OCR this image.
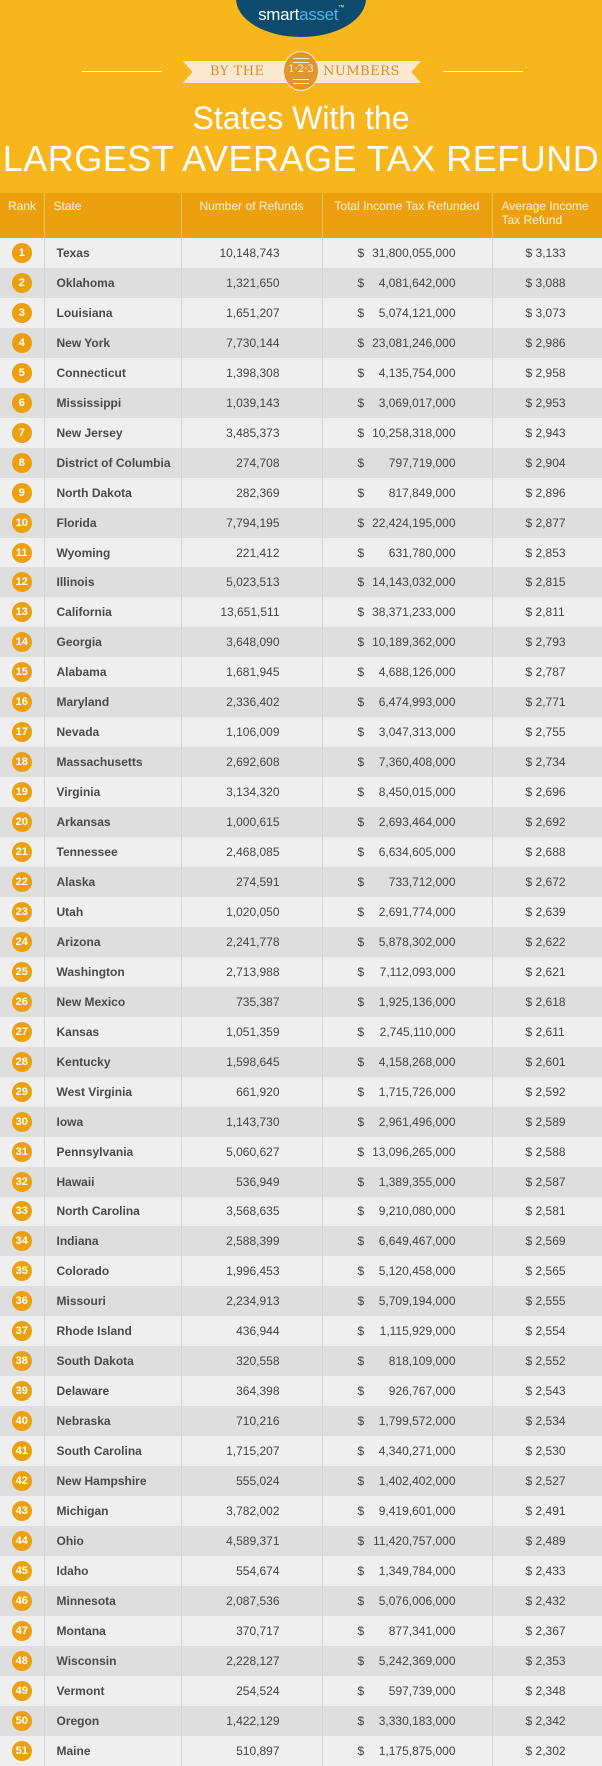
smartasset™
BY THE	NUMBERS
1·2·3
States With the
LARGEST AVERAGE TAX REFUND
Rank	State	Number of Refunds	Total Income Tax Refunded	Average Income Tax Refund
1	Texas	10,148,743	$ 31,800,055,000	$ 3,133
2	Oklahoma	1,321,650	$ 4,081,642,000	$ 3,088
3	Louisiana	1,651,207	$ 5,074,121,000	$ 3,073
4	New York	7,730,144	$ 23,081,246,000	$ 2,986
5	Connecticut	1,398,308	$ 4,135,754,000	$ 2,958
6	Mississippi	1,039,143	$ 3,069,017,000	$ 2,953
7	New Jersey	3,485,373	$ 10,258,318,000	$ 2,943
8	District of Columbia	274,708	$ 797,719,000	$ 2,904
9	North Dakota	282,369	$ 817,849,000	$ 2,896
10	Florida	7,794,195	$ 22,424,195,000	$ 2,877
11	Wyoming	221,412	$ 631,780,000	$ 2,853
12	Illinois	5,023,513	$ 14,143,032,000	$ 2,815
13	California	13,651,511	$ 38,371,233,000	$ 2,811
14	Georgia	3,648,090	$ 10,189,362,000	$ 2,793
15	Alabama	1,681,945	$ 4,688,126,000	$ 2,787
16	Maryland	2,336,402	$ 6,474,993,000	$ 2,771
17	Nevada	1,106,009	$ 3,047,313,000	$ 2,755
18	Massachusetts	2,692,608	$ 7,360,408,000	$ 2,734
19	Virginia	3,134,320	$ 8,450,015,000	$ 2,696
20	Arkansas	1,000,615	$ 2,693,464,000	$ 2,692
21	Tennessee	2,468,085	$ 6,634,605,000	$ 2,688
22	Alaska	274,591	$ 733,712,000	$ 2,672
23	Utah	1,020,050	$ 2,691,774,000	$ 2,639
24	Arizona	2,241,778	$ 5,878,302,000	$ 2,622
25	Washington	2,713,988	$ 7,112,093,000	$ 2,621
26	New Mexico	735,387	$ 1,925,136,000	$ 2,618
27	Kansas	1,051,359	$ 2,745,110,000	$ 2,611
28	Kentucky	1,598,645	$ 4,158,268,000	$ 2,601
29	West Virginia	661,920	$ 1,715,726,000	$ 2,592
30	Iowa	1,143,730	$ 2,961,496,000	$ 2,589
31	Pennsylvania	5,060,627	$ 13,096,265,000	$ 2,588
32	Hawaii	536,949	$ 1,389,355,000	$ 2,587
33	North Carolina	3,568,635	$ 9,210,080,000	$ 2,581
34	Indiana	2,588,399	$ 6,649,467,000	$ 2,569
35	Colorado	1,996,453	$ 5,120,458,000	$ 2,565
36	Missouri	2,234,913	$ 5,709,194,000	$ 2,555
37	Rhode Island	436,944	$ 1,115,929,000	$ 2,554
38	South Dakota	320,558	$ 818,109,000	$ 2,552
39	Delaware	364,398	$ 926,767,000	$ 2,543
40	Nebraska	710,216	$ 1,799,572,000	$ 2,534
41	South Carolina	1,715,207	$ 4,340,271,000	$ 2,530
42	New Hampshire	555,024	$ 1,402,402,000	$ 2,527
43	Michigan	3,782,002	$ 9,419,601,000	$ 2,491
44	Ohio	4,589,371	$ 11,420,757,000	$ 2,489
45	Idaho	554,674	$ 1,349,784,000	$ 2,433
46	Minnesota	2,087,536	$ 5,076,006,000	$ 2,432
47	Montana	370,717	$ 877,341,000	$ 2,367
48	Wisconsin	2,228,127	$ 5,242,369,000	$ 2,353
49	Vermont	254,524	$ 597,739,000	$ 2,348
50	Oregon	1,422,129	$ 3,330,183,000	$ 2,342
51	Maine	510,897	$ 1,175,875,000	$ 2,302
